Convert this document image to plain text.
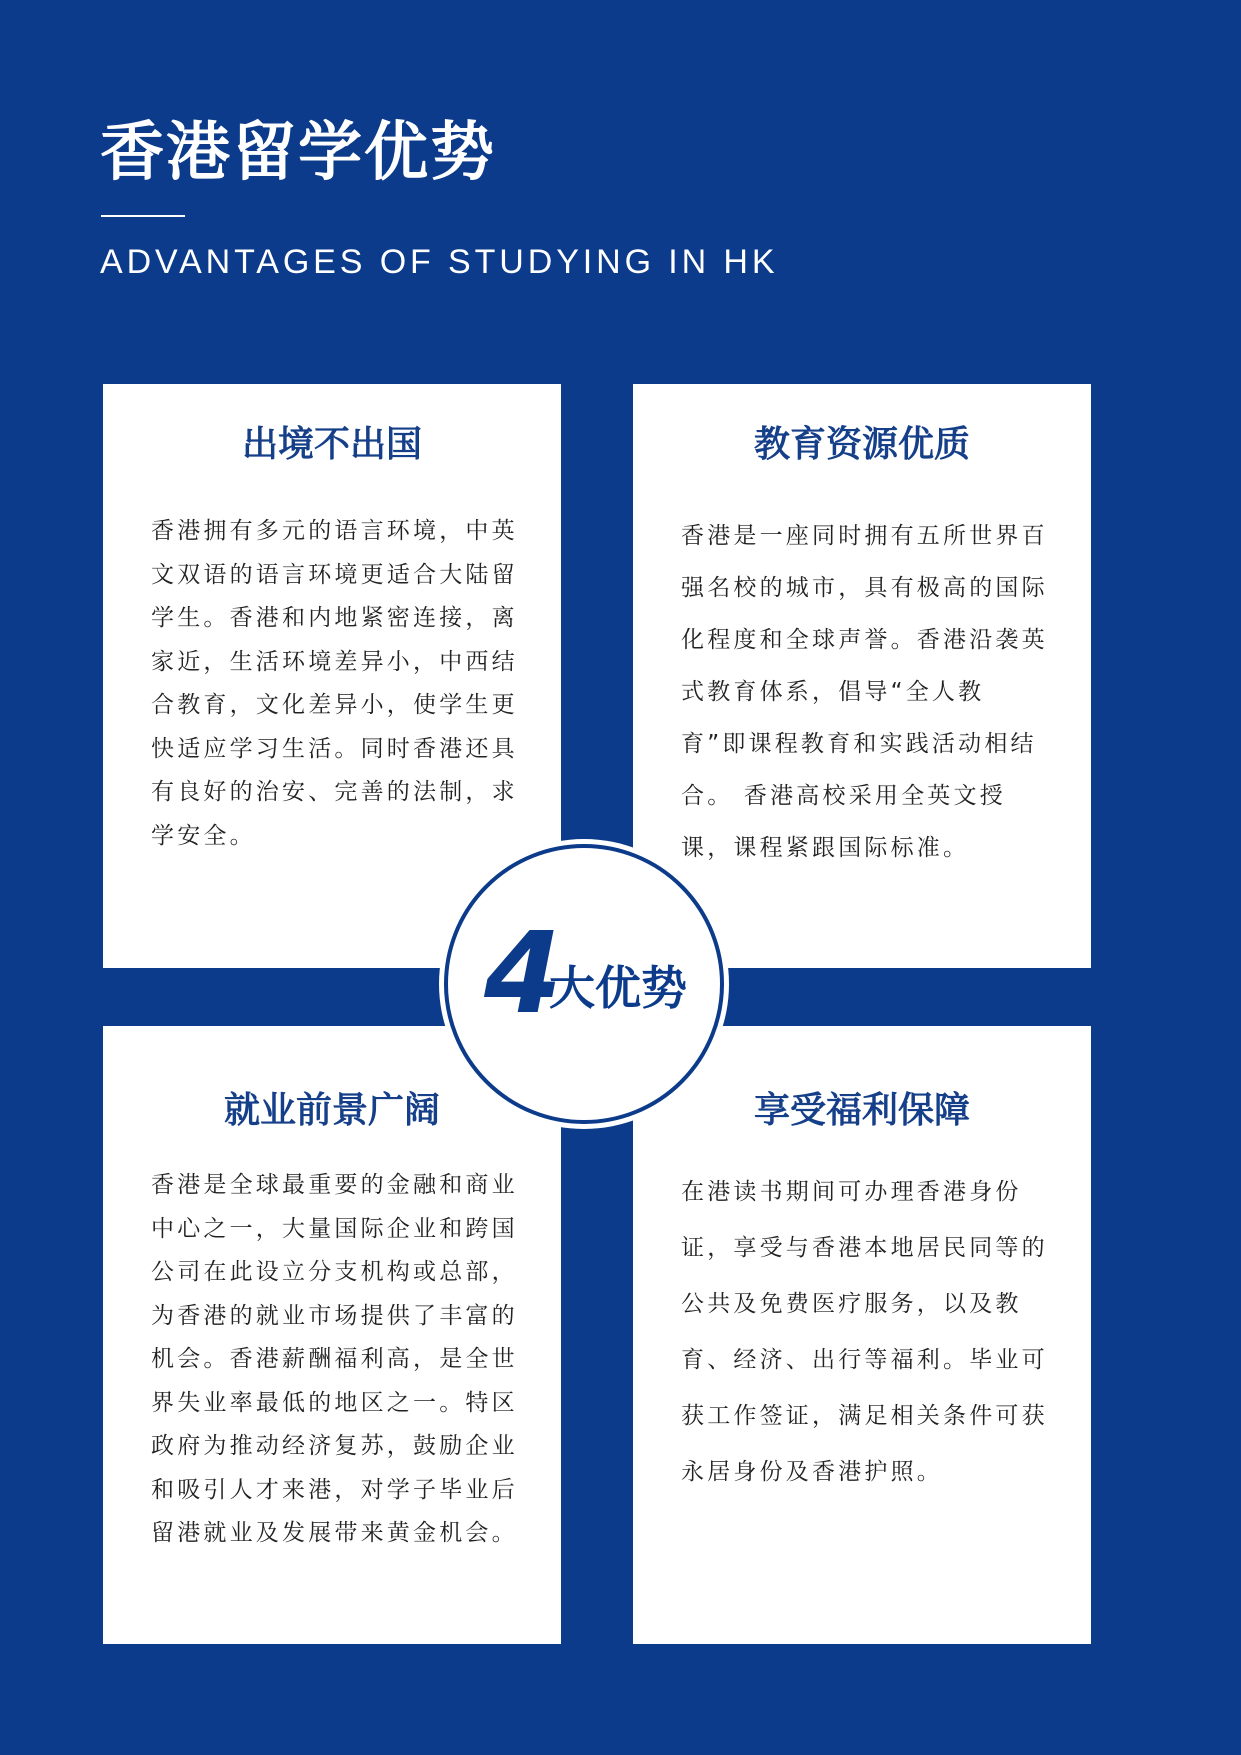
香港留学优势

ADVANTAGES OF STUDYING IN HK

出境不出国

香港拥有多元的语言环境，中英文双语的语言环境更适合大陆留学生。香港和内地紧密连接，离家近，生活环境差异小，中西结合教育，文化差异小，使学生更快适应学习生活。同时香港还具有良好的治安、完善的法制，求学安全。

教育资源优质

香港是一座同时拥有五所世界百强名校的城市，具有极高的国际化程度和全球声誉。香港沿袭英式教育体系，倡导“全人教育”即课程教育和实践活动相结合。 香港高校采用全英文授课，课程紧跟国际标准。

就业前景广阔

香港是全球最重要的金融和商业中心之一，大量国际企业和跨国公司在此设立分支机构或总部，为香港的就业市场提供了丰富的机会。香港薪酬福利高，是全世界失业率最低的地区之一。特区政府为推动经济复苏，鼓励企业和吸引人才来港，对学子毕业后留港就业及发展带来黄金机会。

享受福利保障

在港读书期间可办理香港身份证，享受与香港本地居民同等的公共及免费医疗服务，以及教育、经济、出行等福利。毕业可获工作签证，满足相关条件可获永居身份及香港护照。

4
大优势
